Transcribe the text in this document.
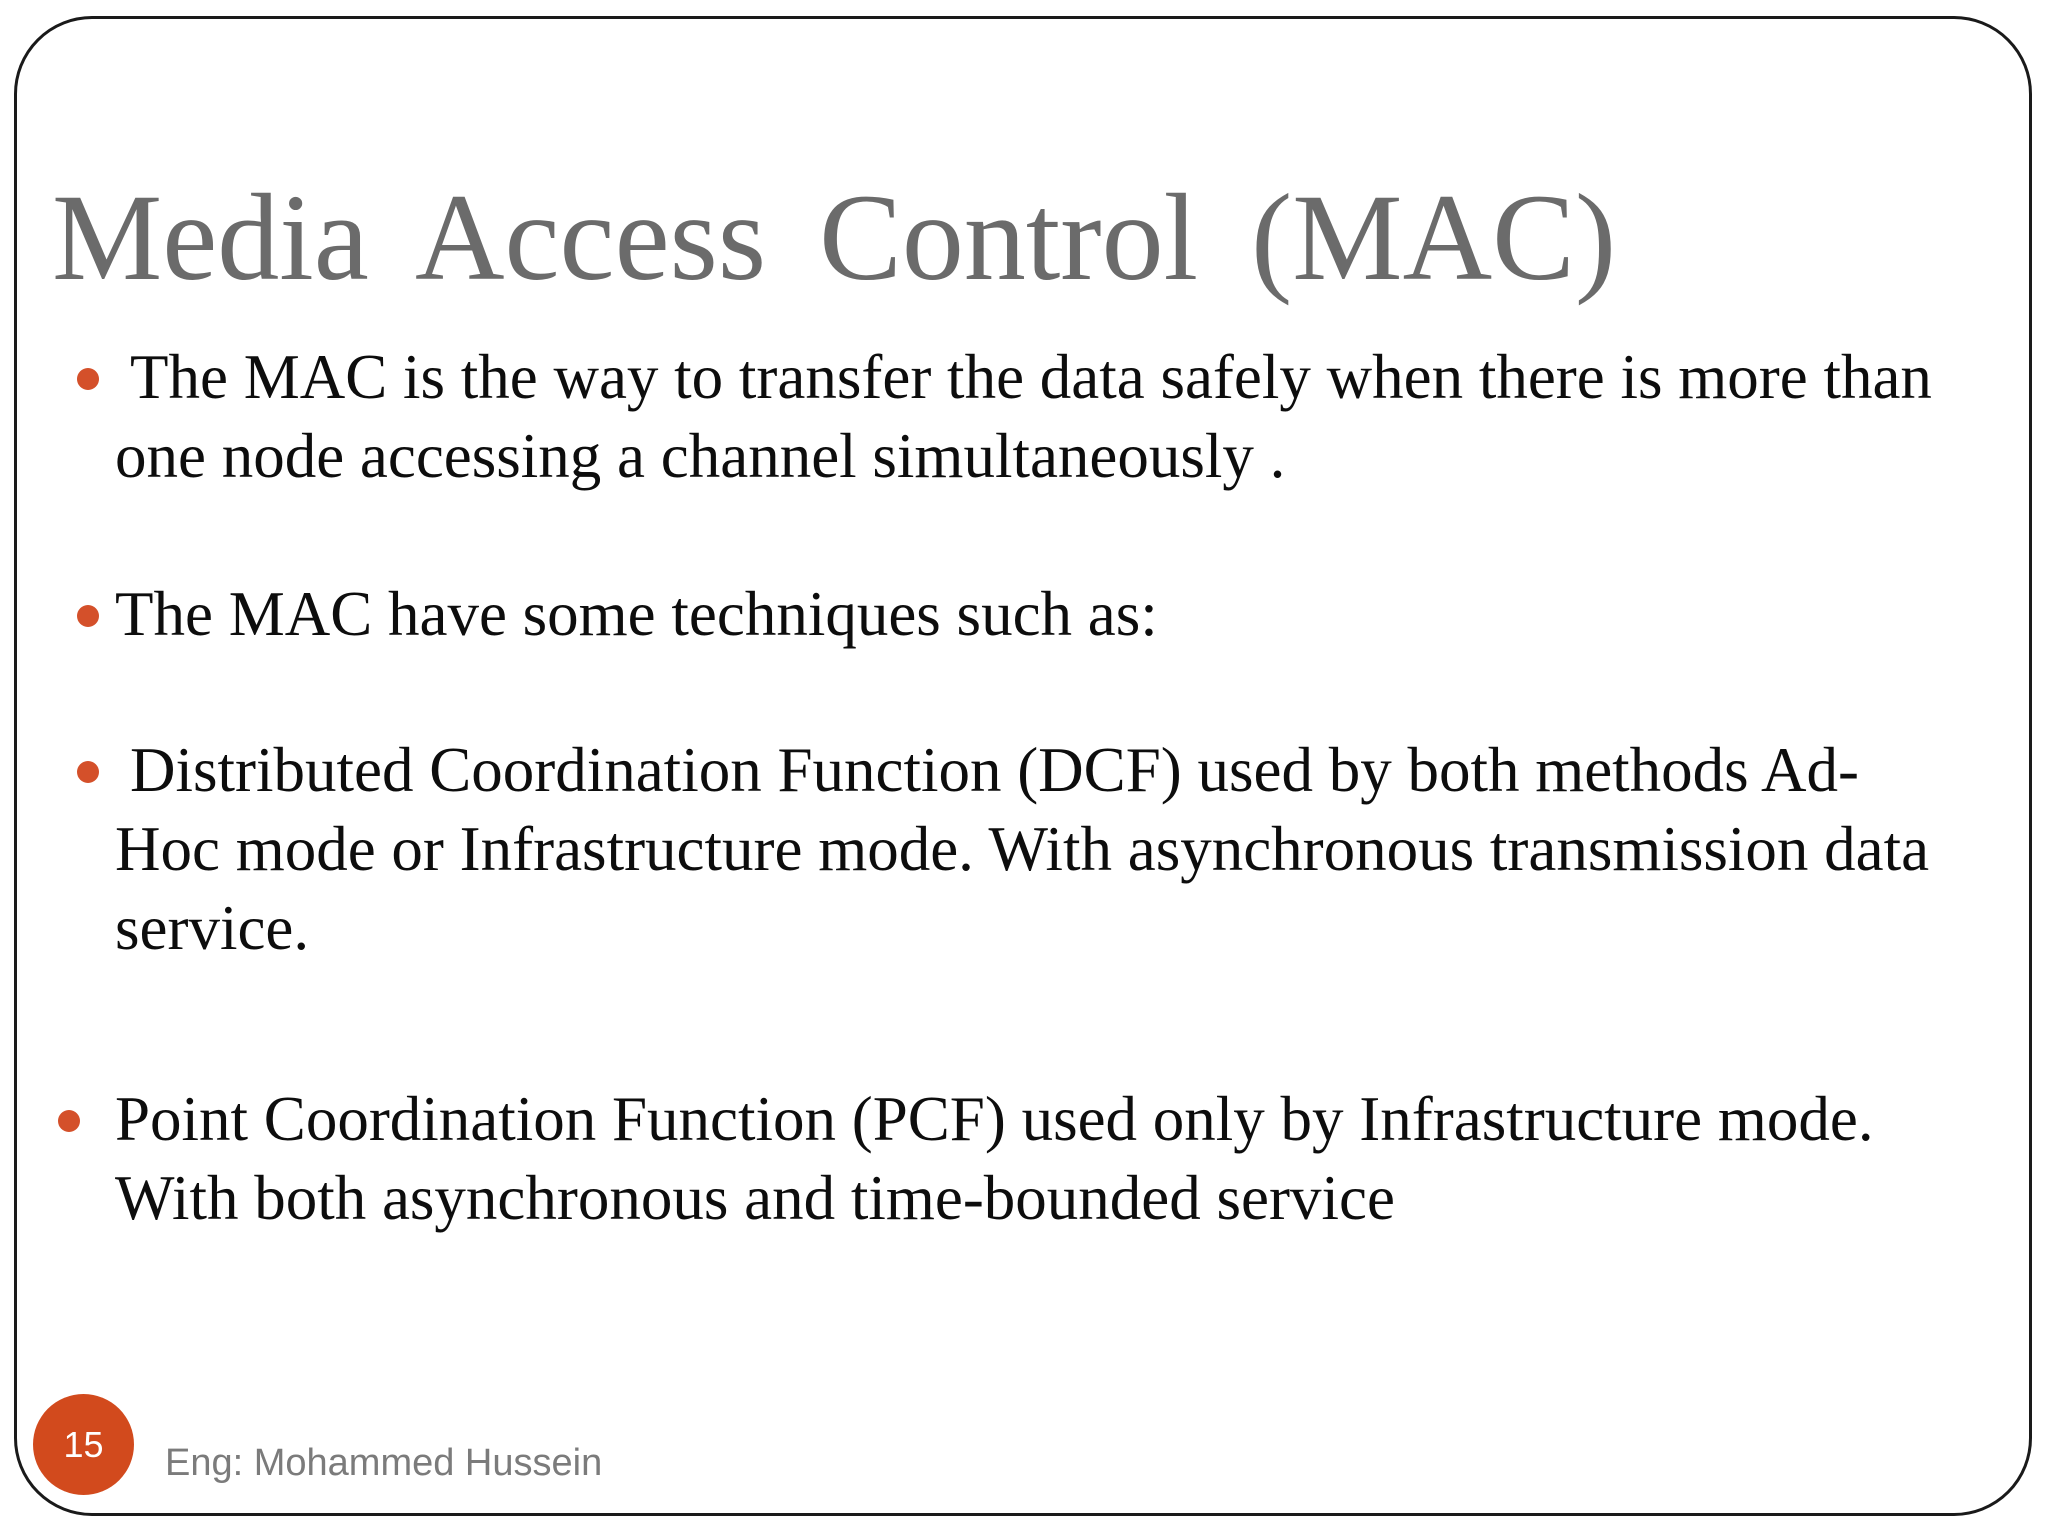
Media Access Control (MAC)
The MAC is the way to transfer the data safely when there is more than one node accessing a channel simultaneously .
The MAC have some techniques such as:
Distributed Coordination Function (DCF) used by both methods Ad-Hoc mode or Infrastructure mode. With asynchronous transmission data service.
Point Coordination Function (PCF) used only by Infrastructure mode. With both asynchronous and time-bounded service
15	Eng: Mohammed Hussein
